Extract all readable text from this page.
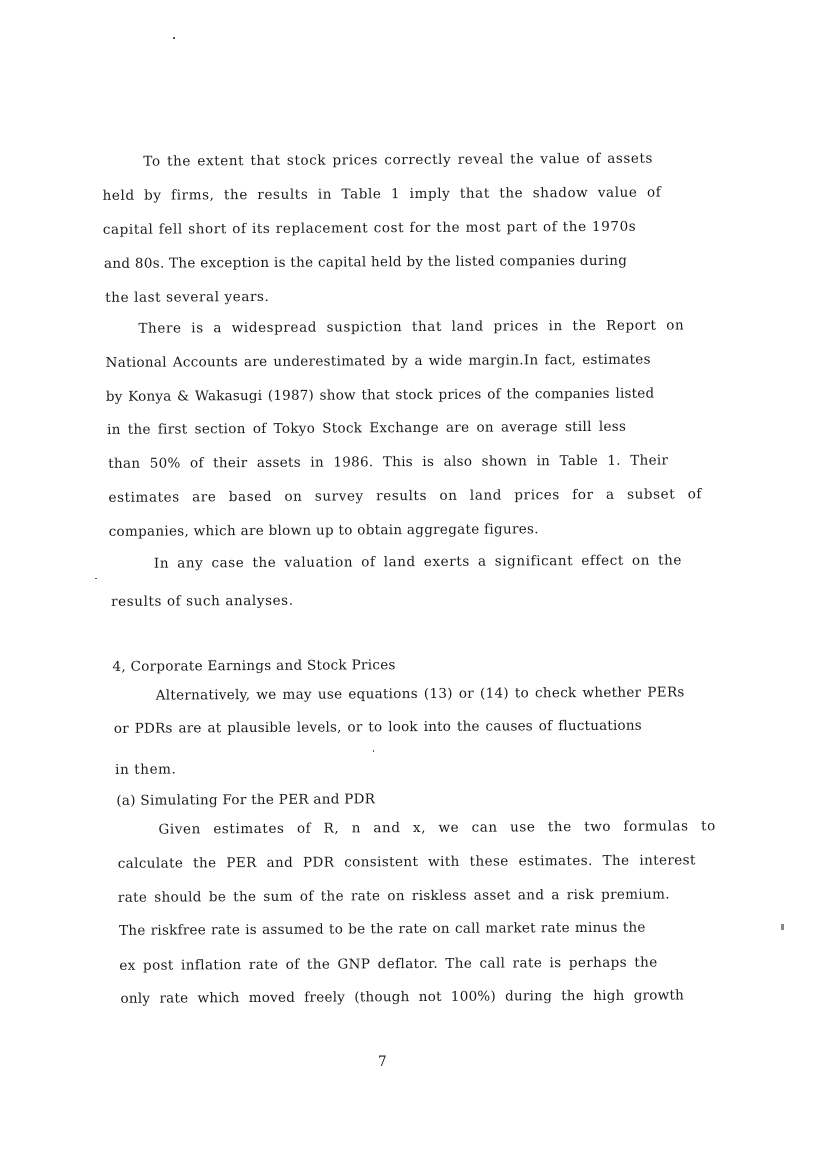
To the extent that stock prices correctly reveal the value of assets
held by firms, the results in Table 1 imply that the shadow value of
capital fell short of its replacement cost for the most part of the 1970s
and 80s. The exception is the capital held by the listed companies during
the last several years.
There is a widespread suspiction that land prices in the Report on
National Accounts are underestimated by a wide margin.In fact, estimates
by Konya & Wakasugi (1987) show that stock prices of the companies listed
in the first section of Tokyo Stock Exchange are on average still less
than 50% of their assets in 1986. This is also shown in Table 1. Their
estimates are based on survey results on land prices for a subset of
companies, which are blown up to obtain aggregate figures.
In any case the valuation of land exerts a significant effect on the
results of such analyses.
4, Corporate Earnings and Stock Prices
Alternatively, we may use equations (13) or (14) to check whether PERs
or PDRs are at plausible levels, or to look into the causes of fluctuations
in them.
(a) Simulating For the PER and PDR
Given estimates of R, n and x, we can use the two formulas to
calculate the PER and PDR consistent with these estimates. The interest
rate should be the sum of the rate on riskless asset and a risk premium.
The riskfree rate is assumed to be the rate on call market rate minus the
ex post inflation rate of the GNP deflator. The call rate is perhaps the
only rate which moved freely (though not 100%) during the high growth
7
